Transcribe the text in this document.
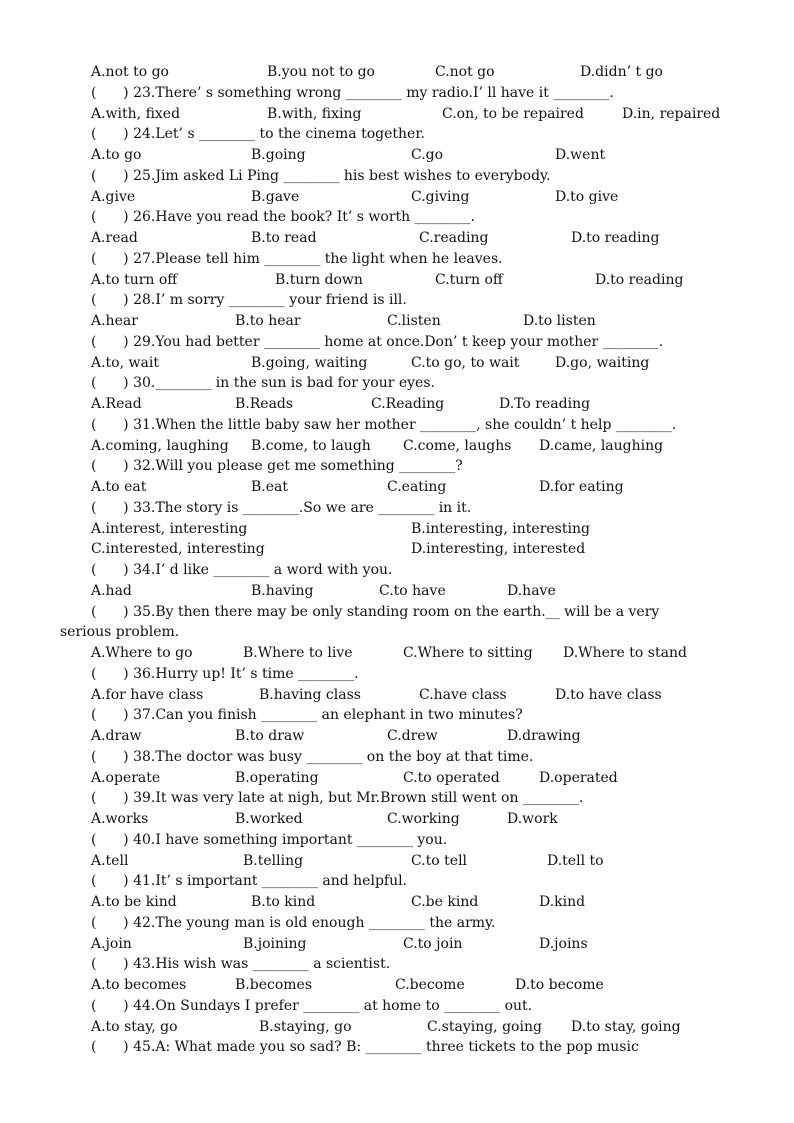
A.not to go	B.you not to go	C.not go	D.didn’ t go
(      ) 23.There’ s something wrong ________ my radio.I’ ll have it ________.
A.with, fixed	B.with, fixing	C.on, to be repaired	D.in, repaired
(      ) 24.Let’ s ________ to the cinema together.
A.to go	B.going	C.go	D.went
(      ) 25.Jim asked Li Ping ________ his best wishes to everybody.
A.give	B.gave	C.giving	D.to give
(      ) 26.Have you read the book? It’ s worth ________.
A.read	B.to read	C.reading	D.to reading
(      ) 27.Please tell him ________ the light when he leaves.
A.to turn off	B.turn down	C.turn off	D.to reading
(      ) 28.I’ m sorry ________ your friend is ill.
A.hear	B.to hear	C.listen	D.to listen
(      ) 29.You had better ________ home at once.Don’ t keep your mother ________.
A.to, wait	B.going, waiting	C.to go, to wait	D.go, waiting
(      ) 30.________ in the sun is bad for your eyes.
A.Read	B.Reads	C.Reading	D.To reading
(      ) 31.When the little baby saw her mother ________, she couldn’ t help ________.
A.coming, laughing B.come, to laugh C.come, laughs D.came, laughing
(      ) 32.Will you please get me something ________?
A.to eat	B.eat	C.eating	D.for eating
(      ) 33.The story is ________.So we are ________ in it.
A.interest, interesting	B.interesting, interesting
C.interested, interesting	D.interesting, interested
(      ) 34.I’ d like ________ a word with you.
A.had	B.having	C.to have	D.have
(      ) 35.By then there may be only standing room on the earth.__ will be a very
serious problem.
A.Where to go	B.Where to live	C.Where to sitting D.Where to stand
(      ) 36.Hurry up! It’ s time ________.
A.for have class	B.having class	C.have class	D.to have class
(      ) 37.Can you finish ________ an elephant in two minutes?
A.draw	B.to draw	C.drew	D.drawing
(      ) 38.The doctor was busy ________ on the boy at that time.
A.operate	B.operating	C.to operated	D.operated
(      ) 39.It was very late at nigh, but Mr.Brown still went on ________.
A.works	B.worked	C.working	D.work
(      ) 40.I have something important ________ you.
A.tell	B.telling	C.to tell	D.tell to
(      ) 41.It’ s important ________ and helpful.
A.to be kind	B.to kind	C.be kind	D.kind
(      ) 42.The young man is old enough ________ the army.
A.join	B.joining	C.to join	D.joins
(      ) 43.His wish was ________ a scientist.
A.to becomes	B.becomes	C.become	D.to become
(      ) 44.On Sundays I prefer ________ at home to ________ out.
A.to stay, go	B.staying, go	C.staying, going D.to stay, going
(      ) 45.A: What made you so sad? B: ________ three tickets to the pop music
